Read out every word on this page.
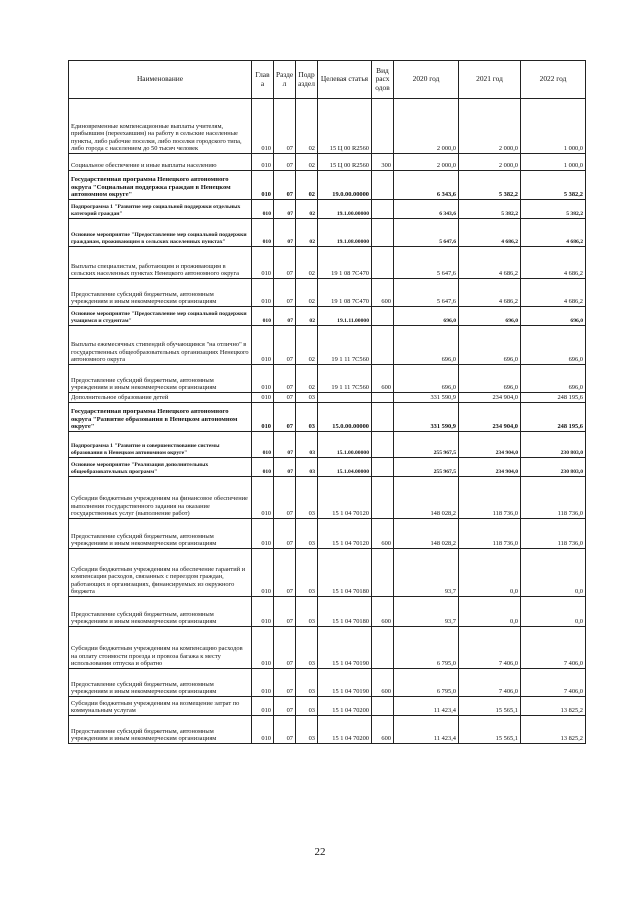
Наименование	Глав а	Разде л	Подр аздел	Целевая статья	Вид расх одов	2020 год	2021 год	2022 год
Единовременные компенсационные выплаты учителям, прибывшим (переехавшим) на работу в сельские населенные пункты, либо рабочие поселки, либо поселки городского типа, либо города с населением до 50 тысяч человек	010	07	02	15 Ц 00 R2560		2 000,0	2 000,0	1 000,0
Социальное обеспечение и иные выплаты населению	010	07	02	15 Ц 00 R2560	300	2 000,0	2 000,0	1 000,0
Государственная программа Ненецкого автономного округа "Социальная поддержка граждан в Ненецком автономном округе"	010	07	02	19.0.00.00000		6 343,6	5 382,2	5 382,2
Подпрограмма 1 "Развитие мер социальной поддержки отдельных категорий граждан"	010	07	02	19.1.00.00000		6 343,6	5 382,2	5 382,2
Основное мероприятие "Предоставление мер социальной поддержки гражданам, проживающим в сельских населенных пунктах"	010	07	02	19.1.08.00000		5 647,6	4 686,2	4 686,2
Выплаты специалистам, работающим и проживающим в сельских населенных пунктах Ненецкого автономного округа	010	07	02	19 1 08 7С470		5 647,6	4 686,2	4 686,2
Предоставление субсидий бюджетным, автономным учреждениям и иным некоммерческим организациям	010	07	02	19 1 08 7С470	600	5 647,6	4 686,2	4 686,2
Основное мероприятие "Предоставление мер социальной поддержки учащимся и студентам"	010	07	02	19.1.11.00000		696,0	696,0	696,0
Выплаты ежемесячных стипендий обучающимся "на отлично" в государственных общеобразовательных организациях Ненецкого автономного округа	010	07	02	19 1 11 7С560		696,0	696,0	696,0
Предоставление субсидий бюджетным, автономным учреждениям и иным некоммерческим организациям	010	07	02	19 1 11 7С560	600	696,0	696,0	696,0
Дополнительное образование детей	010	07	03			331 590,9	234 904,0	248 195,6
Государственная программа Ненецкого автономного округа "Развитие образования в Ненецком автономном округе"	010	07	03	15.0.00.00000		331 590,9	234 904,0	248 195,6
Подпрограмма 1 "Развитие и совершенствование системы образования в Ненецком автономном округе"	010	07	03	15.1.00.00000		255 967,5	234 904,0	230 803,0
Основное мероприятие "Реализация дополнительных общеобразовательных программ"	010	07	03	15.1.04.00000		255 967,5	234 904,0	230 803,0
Субсидии бюджетным учреждениям на финансовое обеспечение выполнения государственного задания на оказание государственных услуг (выполнение работ)	010	07	03	15 1 04 70120		148 028,2	118 736,0	118 736,0
Предоставление субсидий бюджетным, автономным учреждениям и иным некоммерческим организациям	010	07	03	15 1 04 70120	600	148 028,2	118 736,0	118 736,0
Субсидии бюджетным учреждениям на обеспечение гарантий и компенсации расходов, связанных с переездом граждан, работающих в организациях, финансируемых из окружного бюджета	010	07	03	15 1 04 70180		93,7	0,0	0,0
Предоставление субсидий бюджетным, автономным учреждениям и иным некоммерческим организациям	010	07	03	15 1 04 70180	600	93,7	0,0	0,0
Субсидии бюджетным учреждениям на компенсацию расходов на оплату стоимости проезда и провоза багажа к месту использования отпуска и обратно	010	07	03	15 1 04 70190		6 795,0	7 406,0	7 406,0
Предоставление субсидий бюджетным, автономным учреждениям и иным некоммерческим организациям	010	07	03	15 1 04 70190	600	6 795,0	7 406,0	7 406,0
Субсидии бюджетным учреждениям на возмещение затрат по коммунальным услугам	010	07	03	15 1 04 70200		11 423,4	15 565,1	13 825,2
Предоставление субсидий бюджетным, автономным учреждениям и иным некоммерческим организациям	010	07	03	15 1 04 70200	600	11 423,4	15 565,1	13 825,2
22
